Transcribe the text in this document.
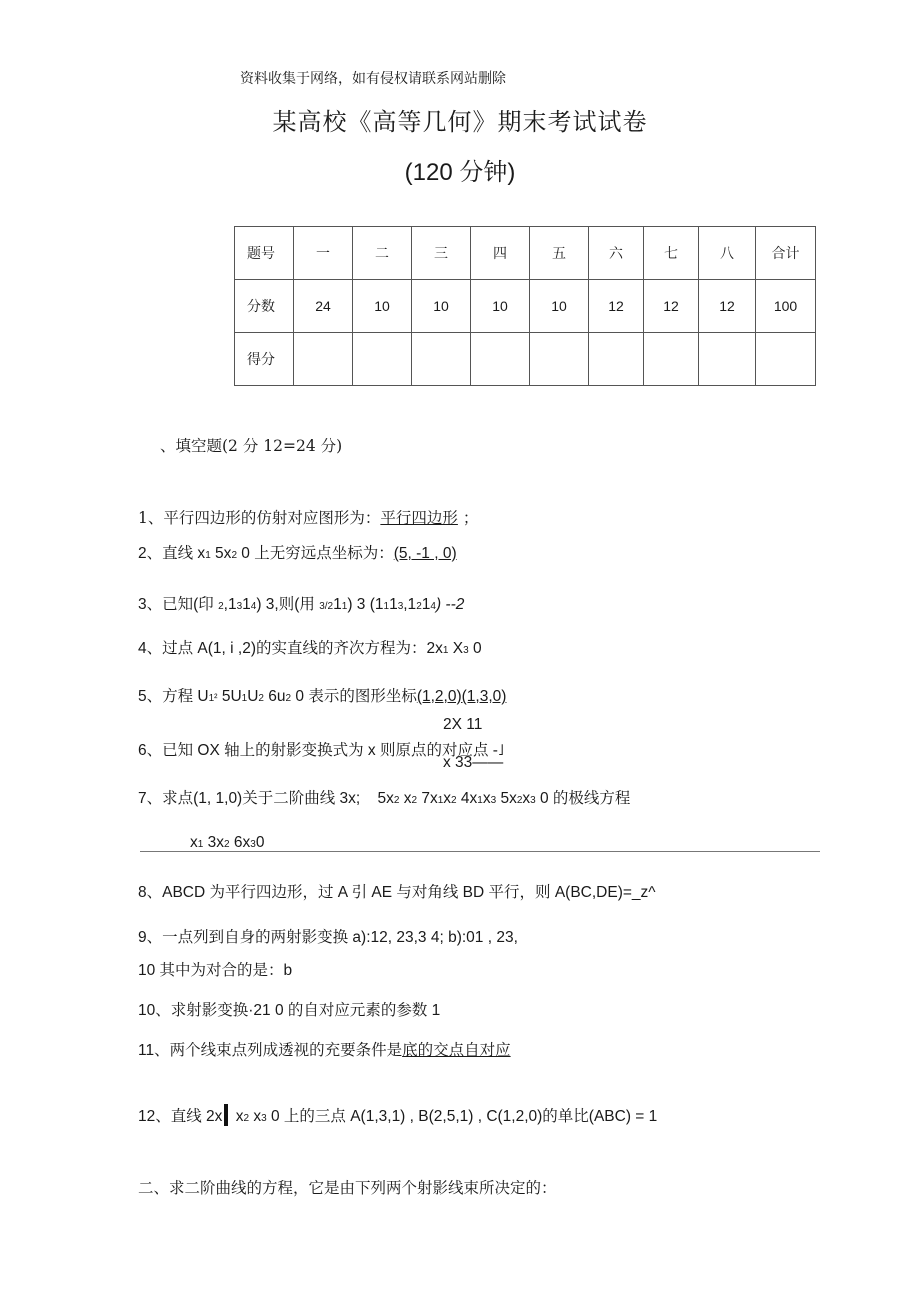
资料收集于网络，如有侵权请联系网站删除
某高校《高等几何》期末考试试卷
(120 分钟)
题号	一	二	三	四	五	六	七	八	合计
分数	24	10	10	10	10	12	12	12	100
得分									
、填空题(2 分 12=24 分)
1、平行四边形的仿射对应图形为：平行四边形 ；
2、直线 x1 5x2 0 上无穷远点坐标为：(5, -1 , 0)
3、已知(印 2,1314) 3,则(用 3/211) 3 (1113,1214) --2
4、过点 A(1, i ,2)的实直线的齐次方程为：2x1 X3 0
5、方程 U1² 5U1U2 6u2 0 表示的图形坐标(1,2,0)(1,3,0)
2X 11
6、已知 OX 轴上的射影变换式为 x 则原点的对应点 -˩
x 33——
7、求点(1, 1,0)关于二阶曲线 3x; 5x2 x2 7x1x2 4x1x3 5x2x3 0 的极线方程
x1 3x2 6x30
8、ABCD 为平行四边形，过 A 引 AE 与对角线 BD 平行，则 A(BC,DE)=_z^
9、一点列到自身的两射影变换 a):12, 23,3 4; b):01 , 23,
10 其中为对合的是：b
10、求射影变换·21 0 的自对应元素的参数 1
11、两个线束点列成透视的充要条件是底的交点自对应
12、直线 2x x2 x3 0 上的三点 A(1,3,1) , B(2,5,1) , C(1,2,0)的单比(ABC) = 1
二、求二阶曲线的方程，它是由下列两个射影线束所决定的：
